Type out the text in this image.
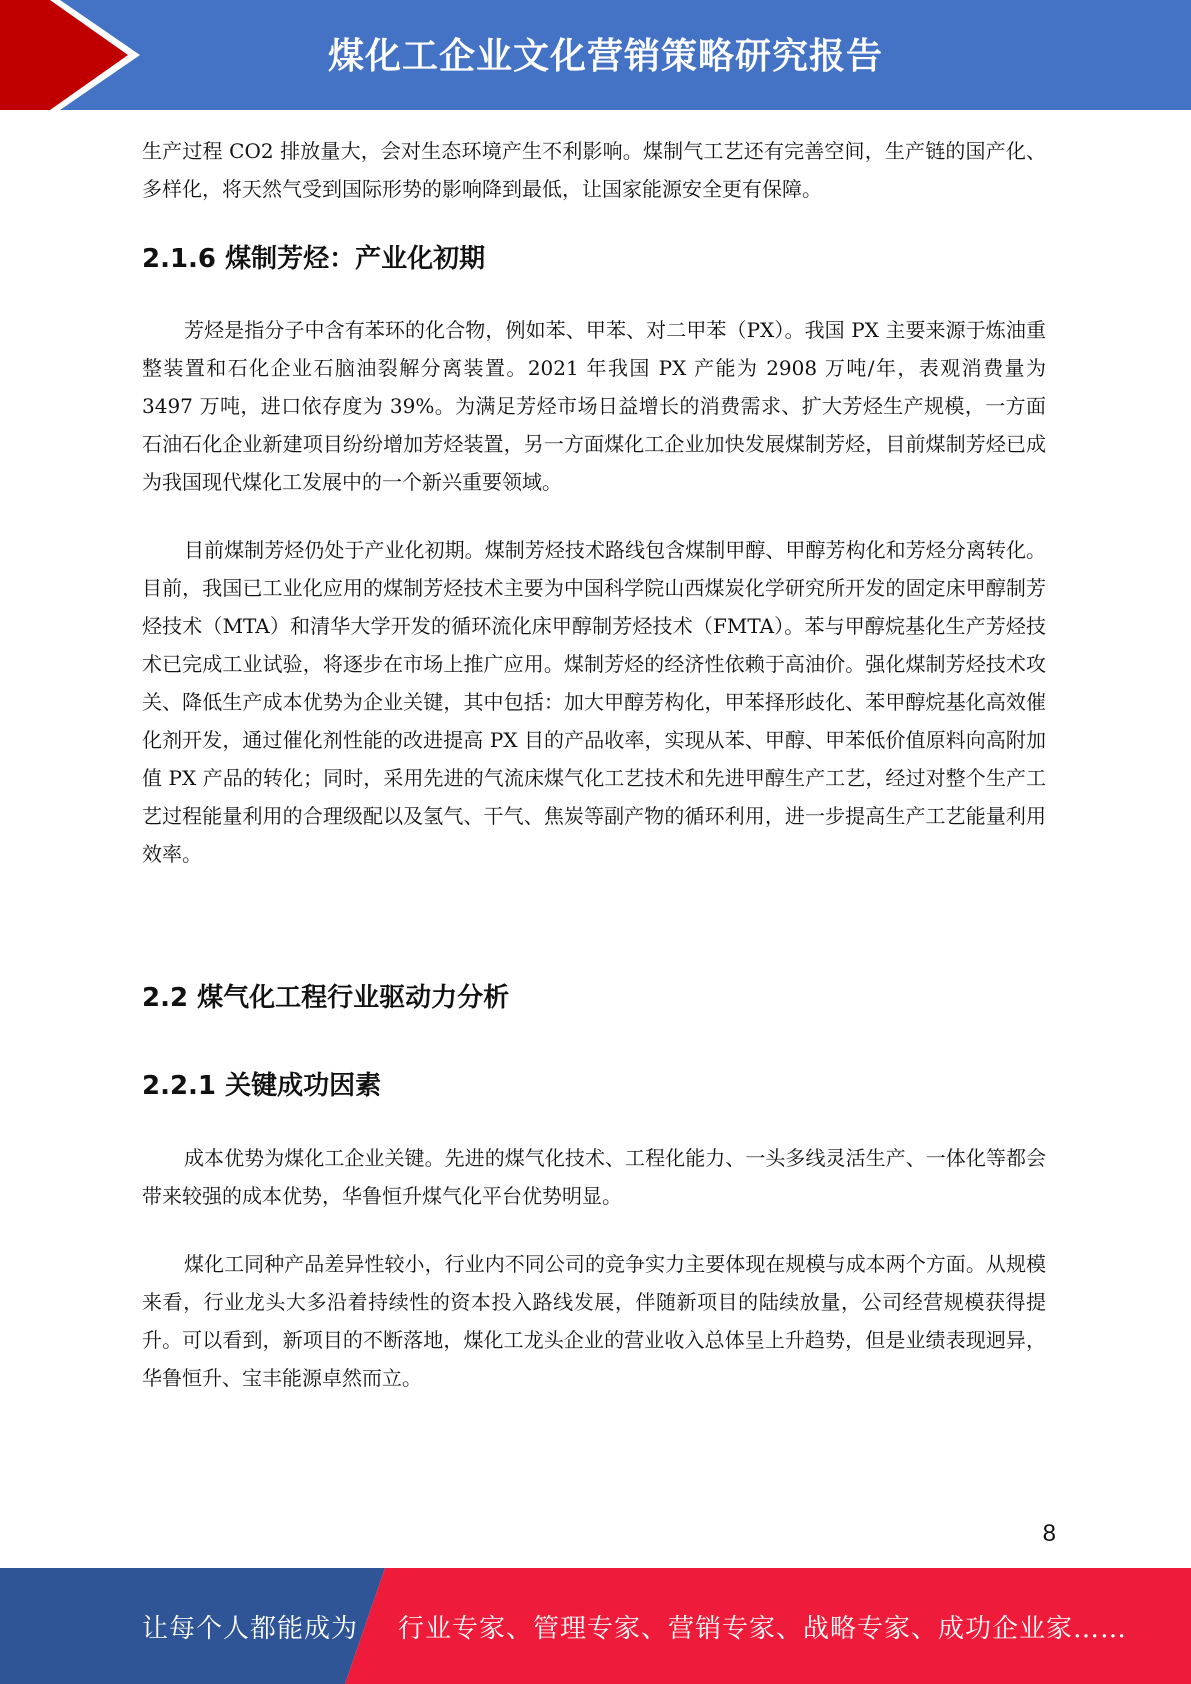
煤化工企业文化营销策略研究报告

生产过程 CO2 排放量大，会对生态环境产生不利影响。煤制气工艺还有完善空间，生产链的国产化、多样化，将天然气受到国际形势的影响降到最低，让国家能源安全更有保障。

2.1.6 煤制芳烃：产业化初期

芳烃是指分子中含有苯环的化合物，例如苯、甲苯、对二甲苯（PX）。我国 PX 主要来源于炼油重整装置和石化企业石脑油裂解分离装置。2021 年我国 PX 产能为 2908 万吨/年，表观消费量为 3497 万吨，进口依存度为 39%。为满足芳烃市场日益增长的消费需求、扩大芳烃生产规模，一方面石油石化企业新建项目纷纷增加芳烃装置，另一方面煤化工企业加快发展煤制芳烃，目前煤制芳烃已成为我国现代煤化工发展中的一个新兴重要领域。

目前煤制芳烃仍处于产业化初期。煤制芳烃技术路线包含煤制甲醇、甲醇芳构化和芳烃分离转化。目前，我国已工业化应用的煤制芳烃技术主要为中国科学院山西煤炭化学研究所开发的固定床甲醇制芳烃技术（MTA）和清华大学开发的循环流化床甲醇制芳烃技术（FMTA）。苯与甲醇烷基化生产芳烃技术已完成工业试验，将逐步在市场上推广应用。煤制芳烃的经济性依赖于高油价。强化煤制芳烃技术攻关、降低生产成本优势为企业关键，其中包括：加大甲醇芳构化，甲苯择形歧化、苯甲醇烷基化高效催化剂开发，通过催化剂性能的改进提高 PX 目的产品收率，实现从苯、甲醇、甲苯低价值原料向高附加值 PX 产品的转化；同时，采用先进的气流床煤气化工艺技术和先进甲醇生产工艺，经过对整个生产工艺过程能量利用的合理级配以及氢气、干气、焦炭等副产物的循环利用，进一步提高生产工艺能量利用效率。

2.2 煤气化工程行业驱动力分析
2.2.1 关键成功因素

成本优势为煤化工企业关键。先进的煤气化技术、工程化能力、一头多线灵活生产、一体化等都会带来较强的成本优势，华鲁恒升煤气化平台优势明显。

煤化工同种产品差异性较小，行业内不同公司的竞争实力主要体现在规模与成本两个方面。从规模来看，行业龙头大多沿着持续性的资本投入路线发展，伴随新项目的陆续放量，公司经营规模获得提升。可以看到，新项目的不断落地，煤化工龙头企业的营业收入总体呈上升趋势，但是业绩表现迥异，华鲁恒升、宝丰能源卓然而立。

8
让每个人都能成为 行业专家、管理专家、营销专家、战略专家、成功企业家……
